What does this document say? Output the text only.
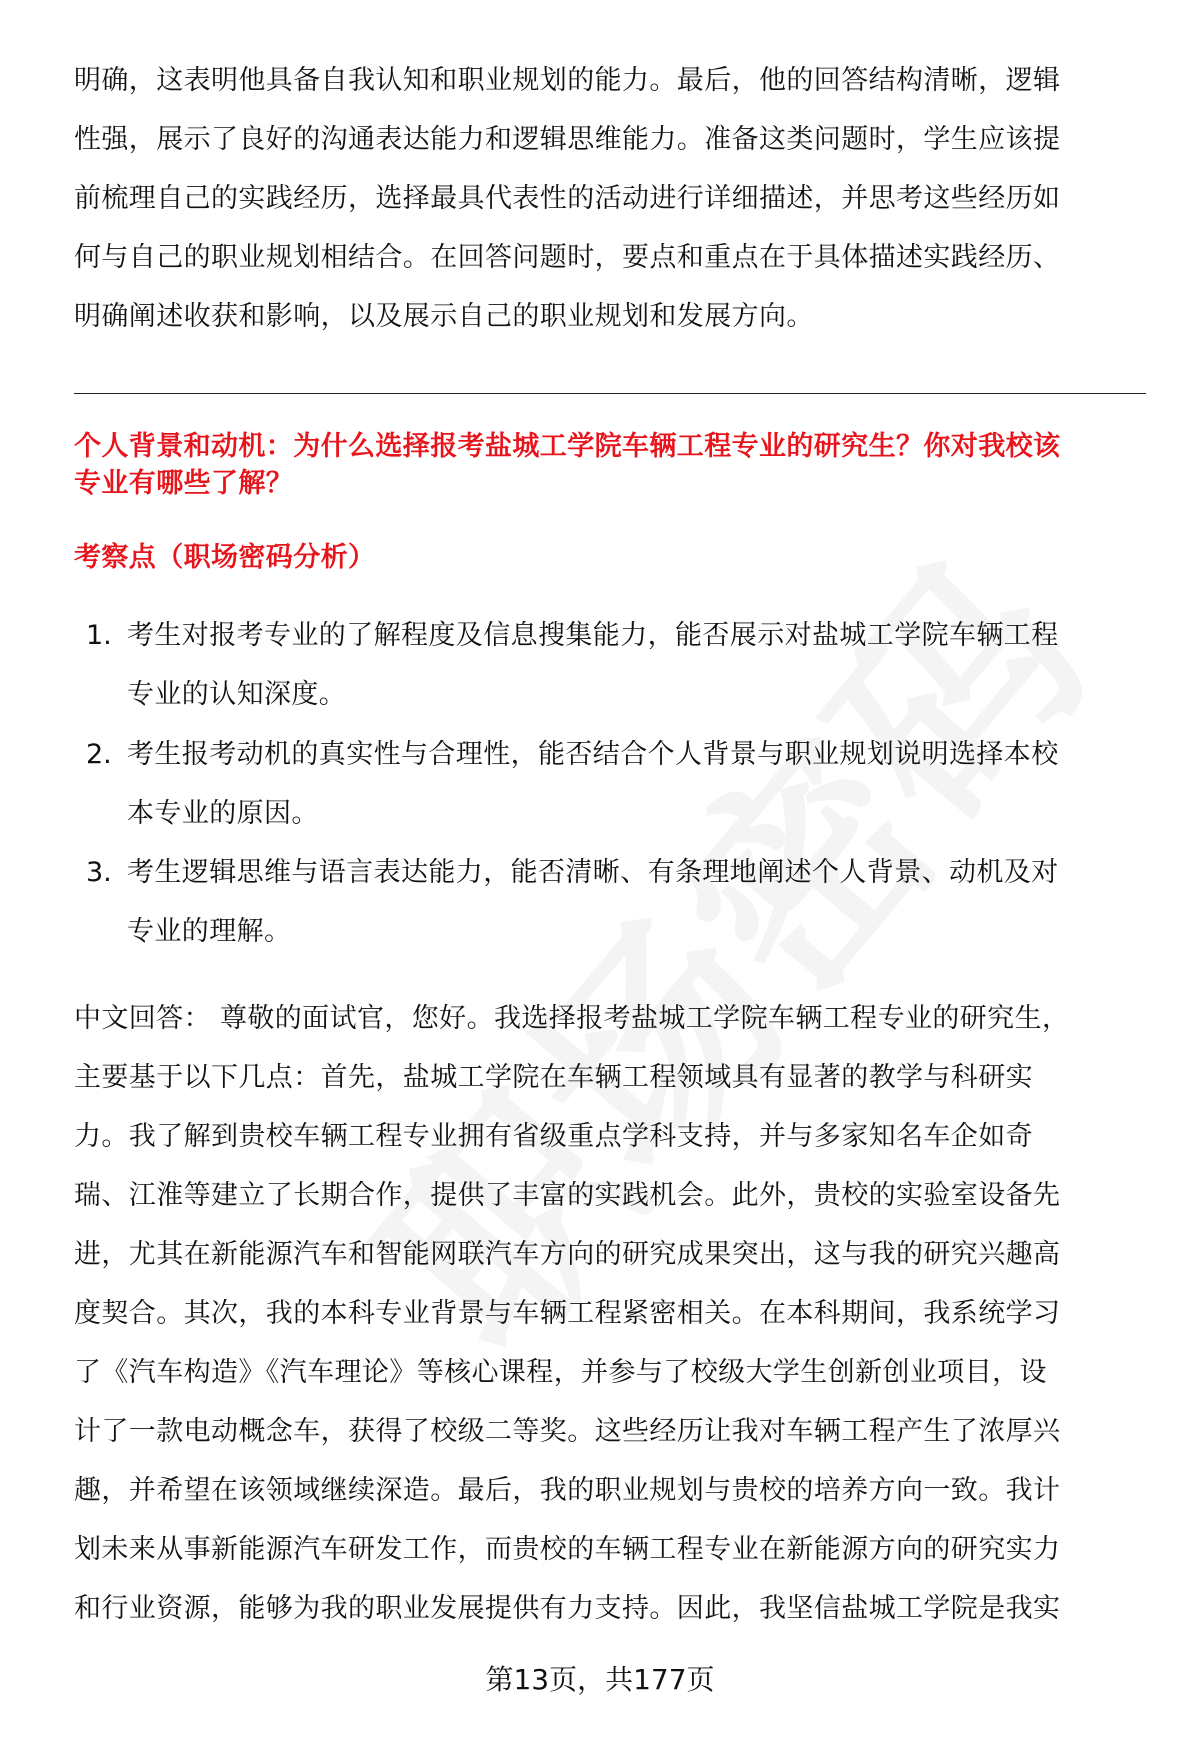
明确，这表明他具备自我认知和职业规划的能力。最后，他的回答结构清晰，逻辑
性强，展示了良好的沟通表达能力和逻辑思维能力。准备这类问题时，学生应该提
前梳理自己的实践经历，选择最具代表性的活动进行详细描述，并思考这些经历如
何与自己的职业规划相结合。在回答问题时，要点和重点在于具体描述实践经历、
明确阐述收获和影响，以及展示自己的职业规划和发展方向。
个人背景和动机：为什么选择报考盐城工学院车辆工程专业的研究生？你对我校该
专业有哪些了解？
考察点（职场密码分析）
1. 考生对报考专业的了解程度及信息搜集能力，能否展示对盐城工学院车辆工程
专业的认知深度。
2. 考生报考动机的真实性与合理性，能否结合个人背景与职业规划说明选择本校
本专业的原因。
3. 考生逻辑思维与语言表达能力，能否清晰、有条理地阐述个人背景、动机及对
专业的理解。
中文回答： 尊敬的面试官，您好。我选择报考盐城工学院车辆工程专业的研究生，
主要基于以下几点：首先，盐城工学院在车辆工程领域具有显著的教学与科研实
力。我了解到贵校车辆工程专业拥有省级重点学科支持，并与多家知名车企如奇
瑞、江淮等建立了长期合作，提供了丰富的实践机会。此外，贵校的实验室设备先
进，尤其在新能源汽车和智能网联汽车方向的研究成果突出，这与我的研究兴趣高
度契合。其次，我的本科专业背景与车辆工程紧密相关。在本科期间，我系统学习
了《汽车构造》《汽车理论》等核心课程，并参与了校级大学生创新创业项目，设
计了一款电动概念车，获得了校级二等奖。这些经历让我对车辆工程产生了浓厚兴
趣，并希望在该领域继续深造。最后，我的职业规划与贵校的培养方向一致。我计
划未来从事新能源汽车研发工作，而贵校的车辆工程专业在新能源方向的研究实力
和行业资源，能够为我的职业发展提供有力支持。因此，我坚信盐城工学院是我实
第13页，共177页
